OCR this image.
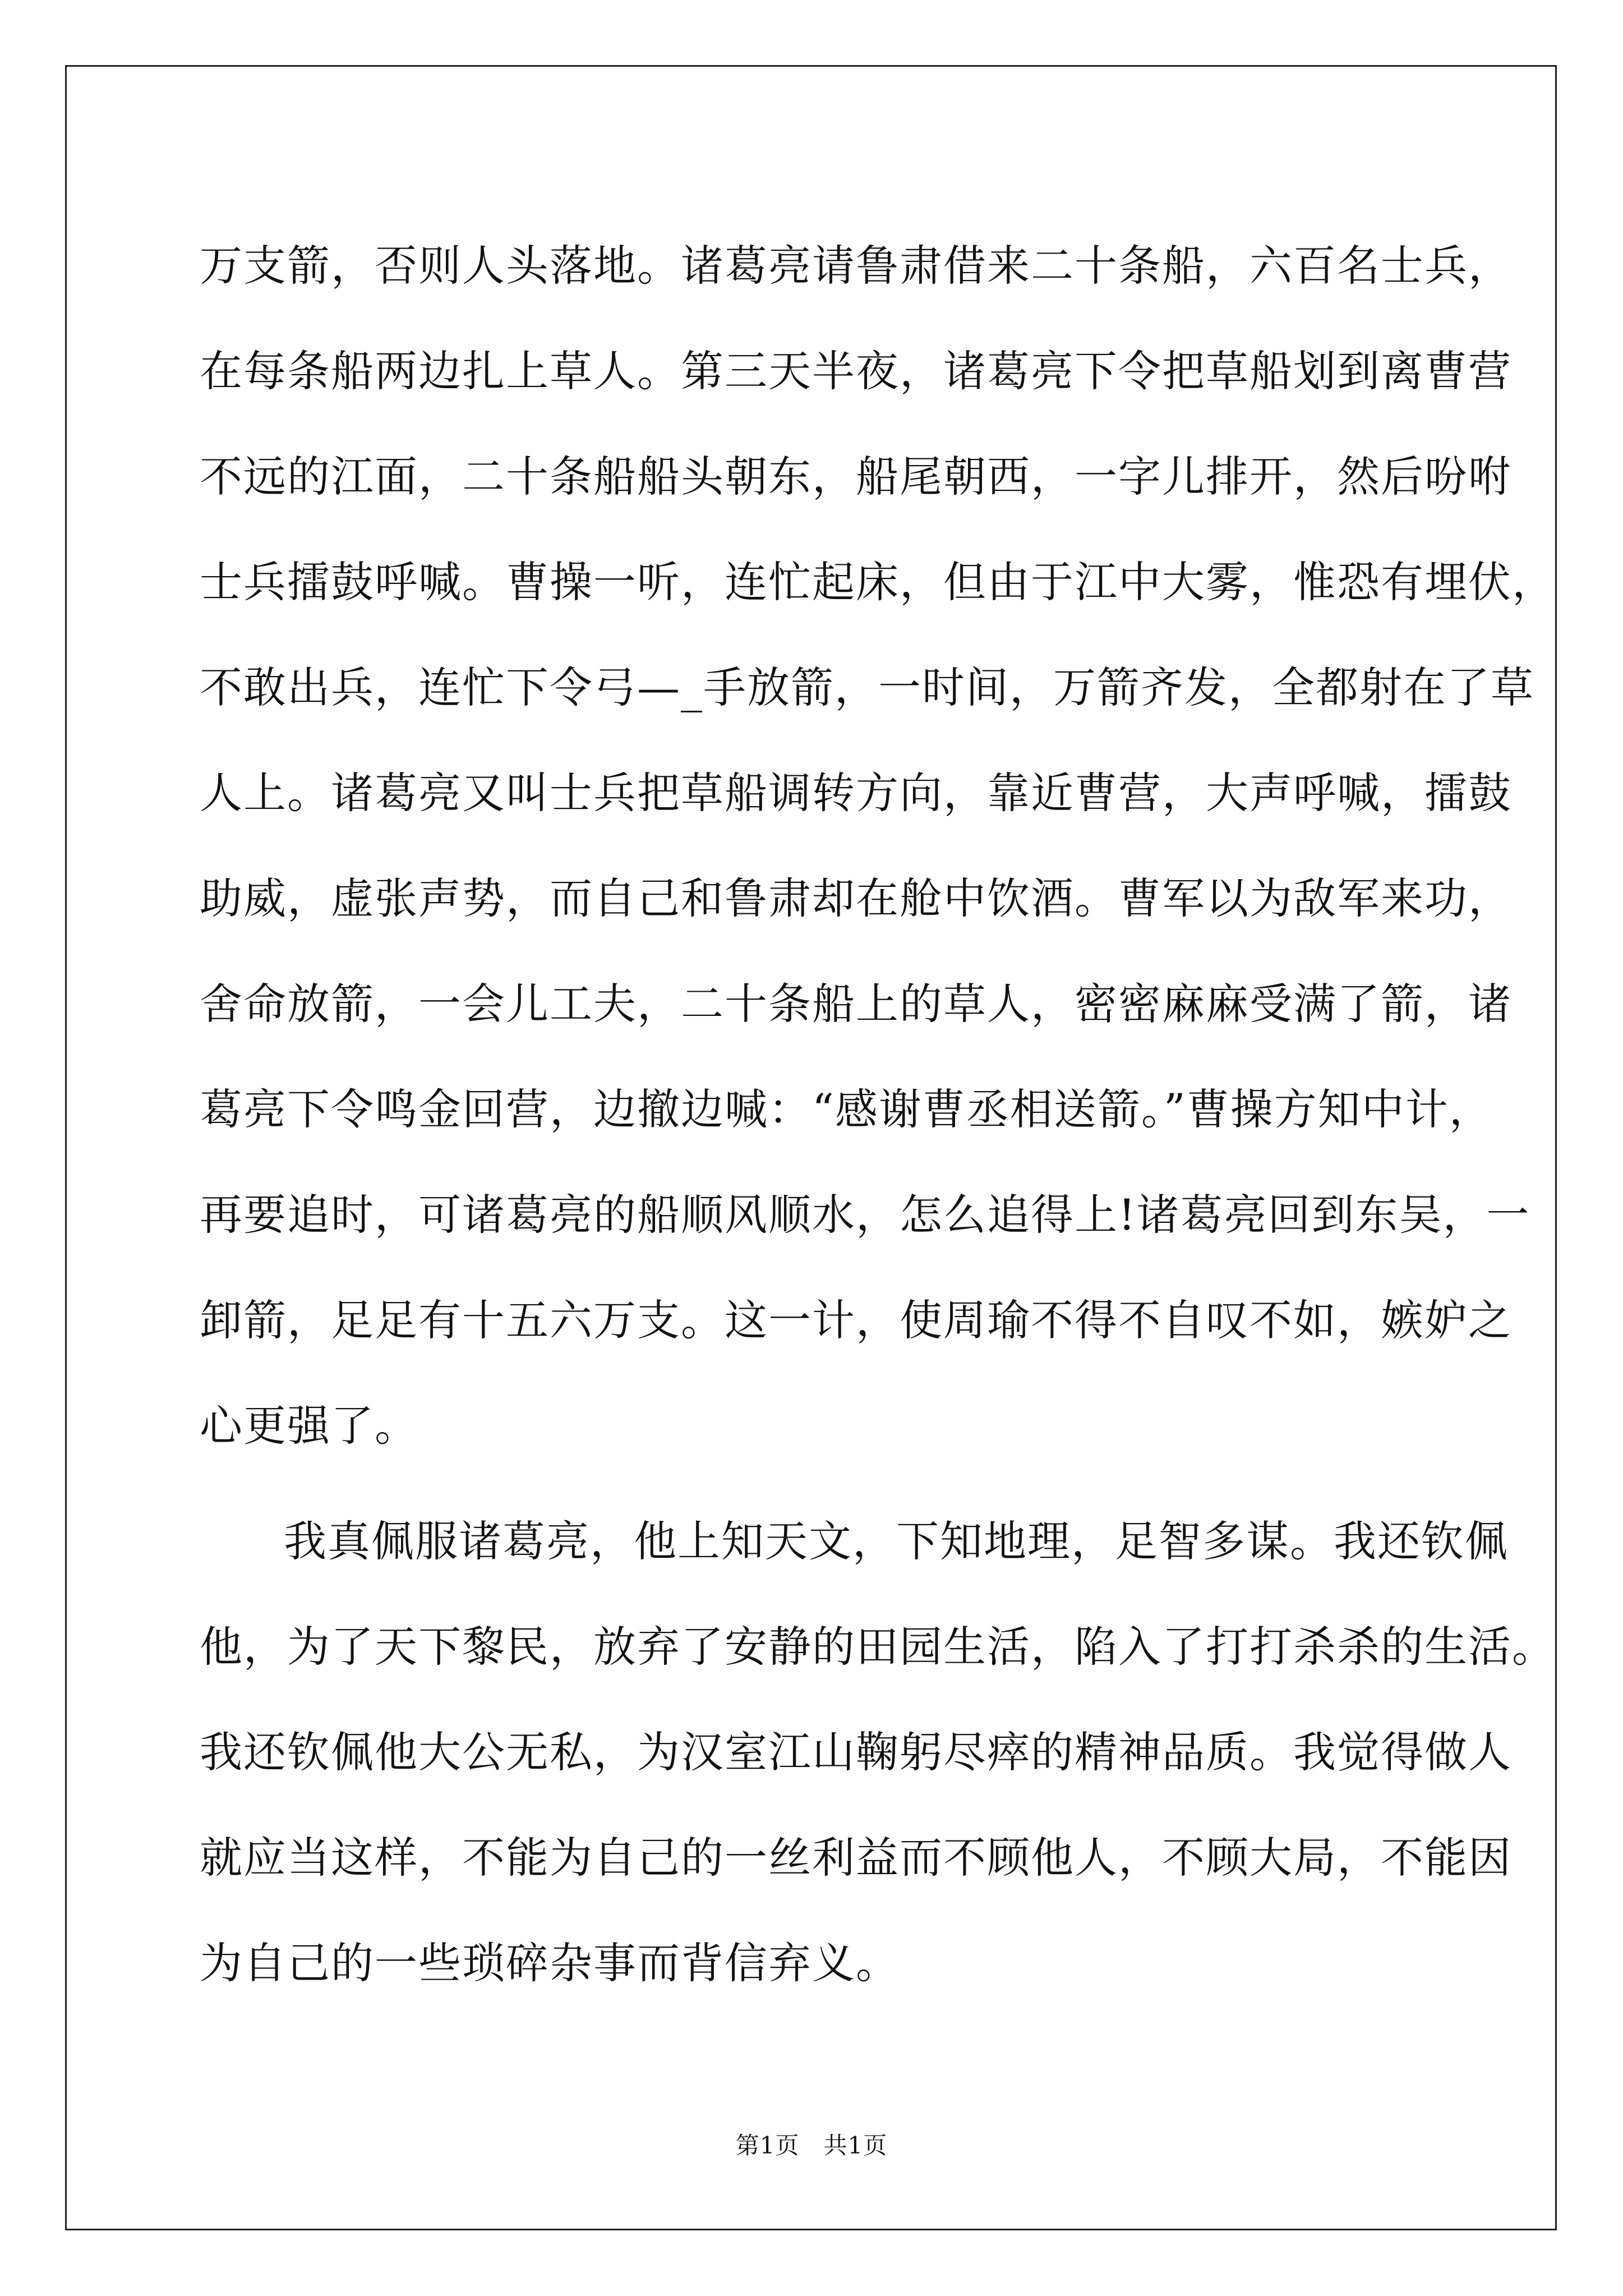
万支箭，否则人头落地。诸葛亮请鲁肃借来二十条船，六百名士兵，
在每条船两边扎上草人。第三天半夜，诸葛亮下令把草船划到离曹营
不远的江面，二十条船船头朝东，船尾朝西，一字儿排开，然后吩咐
士兵擂鼓呼喊。曹操一听，连忙起床，但由于江中大雾，惟恐有埋伏，
不敢出兵，连忙下令弓—_手放箭，一时间，万箭齐发，全都射在了草
人上。诸葛亮又叫士兵把草船调转方向，靠近曹营，大声呼喊，擂鼓
助威，虚张声势，而自己和鲁肃却在舱中饮酒。曹军以为敌军来功，
舍命放箭，一会儿工夫，二十条船上的草人，密密麻麻受满了箭，诸
葛亮下令鸣金回营，边撤边喊：“感谢曹丞相送箭。”曹操方知中计，
再要追时，可诸葛亮的船顺风顺水，怎么追得上!诸葛亮回到东吴，一
卸箭，足足有十五六万支。这一计，使周瑜不得不自叹不如，嫉妒之
心更强了。
我真佩服诸葛亮，他上知天文，下知地理，足智多谋。我还钦佩
他，为了天下黎民，放弃了安静的田园生活，陷入了打打杀杀的生活。
我还钦佩他大公无私，为汉室江山鞠躬尽瘁的精神品质。我觉得做人
就应当这样，不能为自己的一丝利益而不顾他人，不顾大局，不能因
为自己的一些琐碎杂事而背信弃义。
第1页   共1页
